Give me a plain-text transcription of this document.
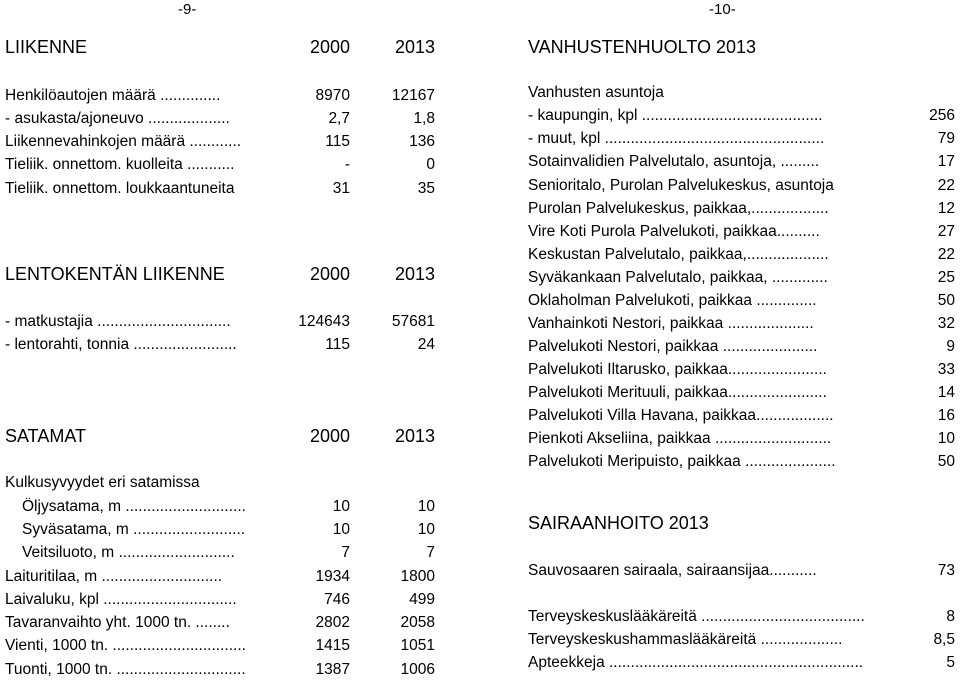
-9-
LIIKENNE	2000	2013
Henkilöautojen määrä ..............	8970	12167
- asukasta/ajoneuvo ...................	2,7	1,8
Liikennevahinkojen määrä ............	115	136
Tieliik. onnettom. kuolleita ...........	-	0
Tieliik. onnettom. loukkaantuneita	31	35
LENTOKENTÄN LIIKENNE	2000	2013
- matkustajia ...............................	124643	57681
- lentorahti, tonnia ........................	115	24
SATAMAT	2000	2013
Kulkusyvyydet eri satamissa
Öljysatama, m ............................	10	10
Syväsatama, m ..........................	10	10
Veitsiluoto, m ...........................	7	7
Laituritilaa, m ............................	1934	1800
Laivaluku, kpl ...............................	746	499
Tavaranvaihto yht. 1000 tn. ........	2802	2058
Vienti, 1000 tn. ...............................	1415	1051
Tuonti, 1000 tn. ..............................	1387	1006
-10-
VANHUSTENHUOLTO 2013
Vanhusten asuntoja
- kaupungin, kpl ..........................................	256
- muut, kpl ...................................................	79
Sotainvalidien Palvelutalo, asuntoja, .........	17
Senioritalo, Purolan Palvelukeskus, asuntoja	22
Purolan Palvelukeskus, paikkaa,..................	12
Vire Koti Purola Palvelukoti, paikkaa..........	27
Keskustan Palvelutalo, paikkaa,...................	22
Syväkankaan Palvelutalo, paikkaa, .............	25
Oklaholman Palvelukoti, paikkaa ..............	50
Vanhainkoti Nestori, paikkaa ....................	32
Palvelukoti Nestori, paikkaa ......................	9
Palvelukoti Iltarusko, paikkaa.......................	33
Palvelukoti Merituuli, paikkaa.......................	14
Palvelukoti Villa Havana, paikkaa..................	16
Pienkoti Akseliina, paikkaa ...........................	10
Palvelukoti Meripuisto, paikkaa .....................	50
SAIRAANHOITO 2013
Sauvosaaren sairaala, sairaansijaa...........	73
Terveyskeskuslääkäreitä ......................................	8
Terveyskeskushammaslääkäreitä ...................	8,5
Apteekkeja ...........................................................	5
